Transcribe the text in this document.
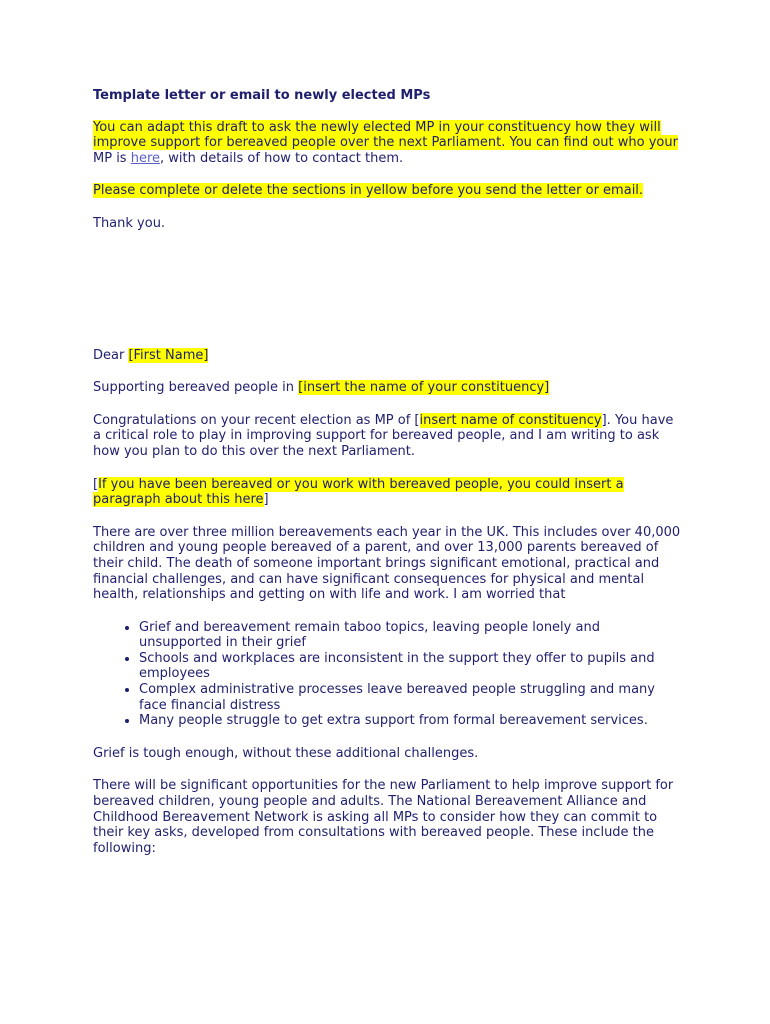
Template letter or email to newly elected MPs

You can adapt this draft to ask the newly elected MP in your constituency how they will improve support for bereaved people over the next Parliament. You can find out who your MP is here, with details of how to contact them.

Please complete or delete the sections in yellow before you send the letter or email.

Thank you.

Dear [First Name]

Supporting bereaved people in [insert the name of your constituency]

Congratulations on your recent election as MP of [insert name of constituency]. You have a critical role to play in improving support for bereaved people, and I am writing to ask how you plan to do this over the next Parliament.

[If you have been bereaved or you work with bereaved people, you could insert a paragraph about this here]

There are over three million bereavements each year in the UK. This includes over 40,000 children and young people bereaved of a parent, and over 13,000 parents bereaved of their child. The death of someone important brings significant emotional, practical and financial challenges, and can have significant consequences for physical and mental health, relationships and getting on with life and work. I am worried that

• Grief and bereavement remain taboo topics, leaving people lonely and unsupported in their grief
• Schools and workplaces are inconsistent in the support they offer to pupils and employees
• Complex administrative processes leave bereaved people struggling and many face financial distress
• Many people struggle to get extra support from formal bereavement services.

Grief is tough enough, without these additional challenges.

There will be significant opportunities for the new Parliament to help improve support for bereaved children, young people and adults. The National Bereavement Alliance and Childhood Bereavement Network is asking all MPs to consider how they can commit to their key asks, developed from consultations with bereaved people. These include the following:
